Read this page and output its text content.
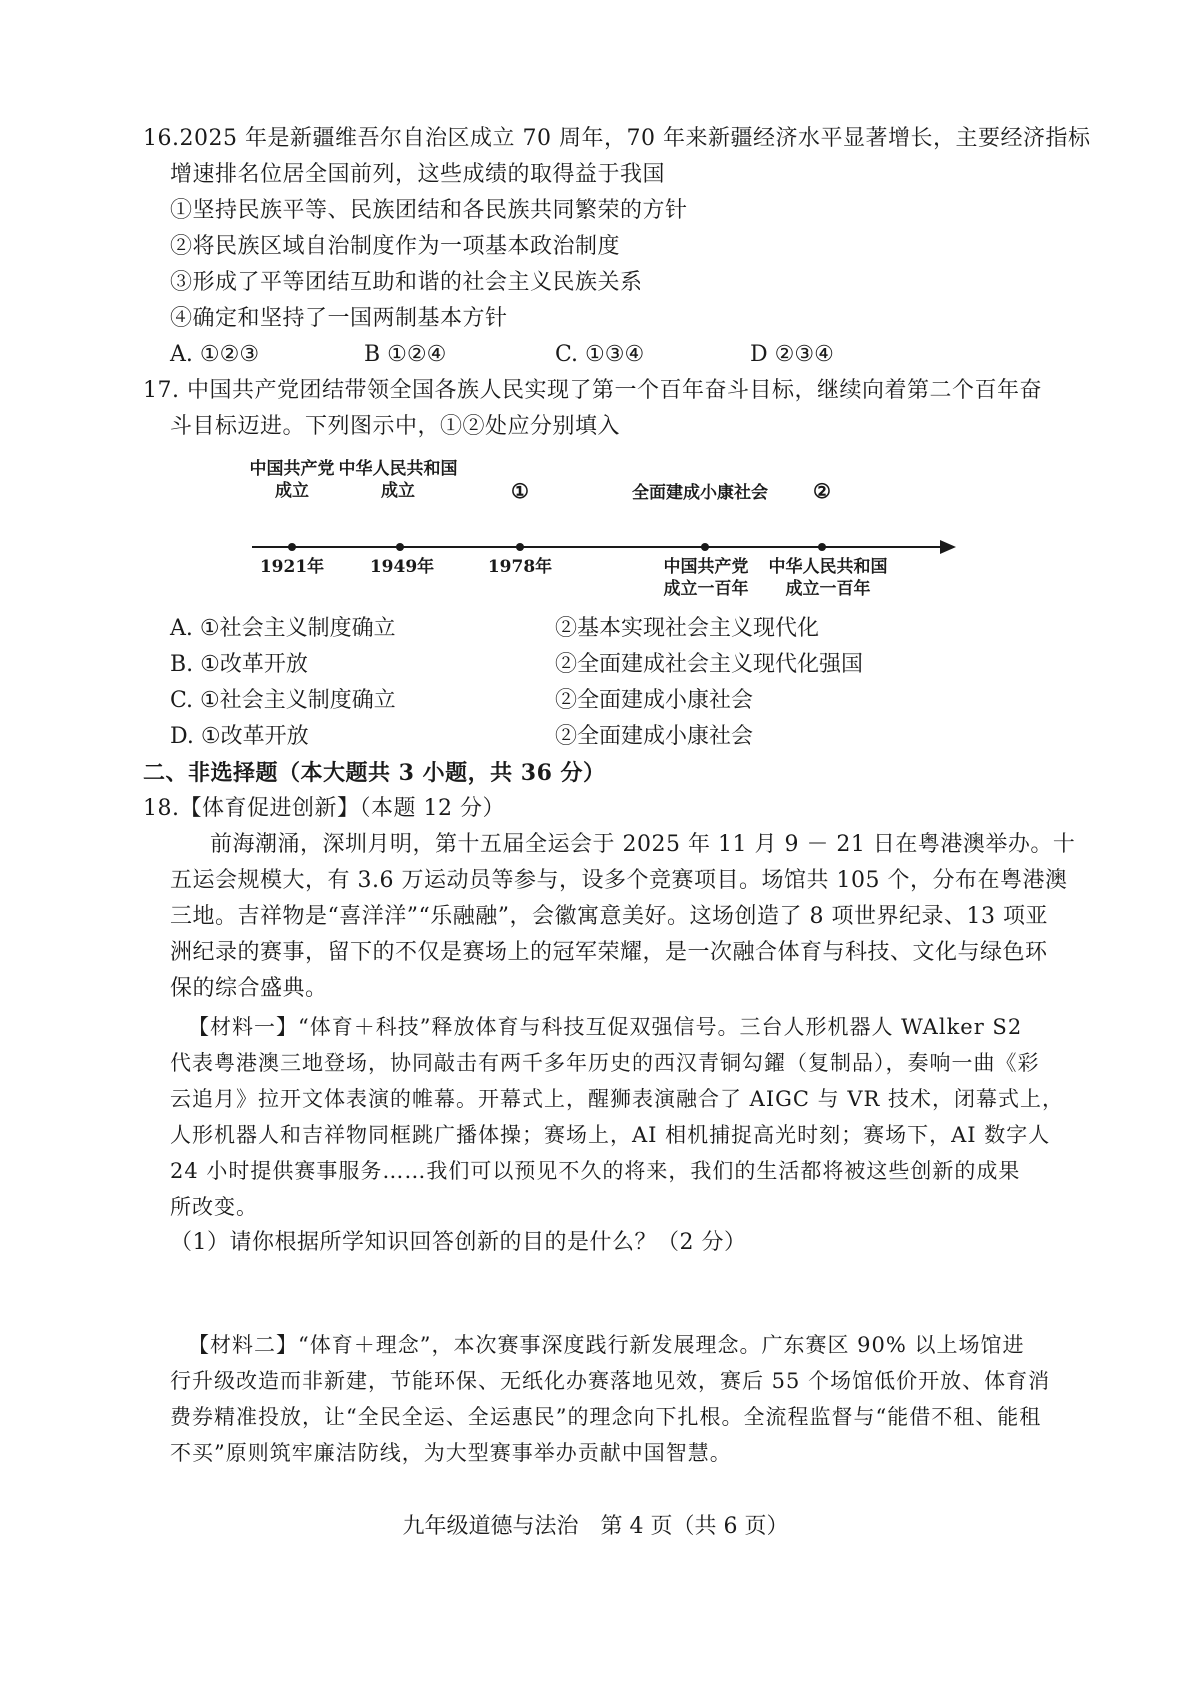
16.2025 年是新疆维吾尔自治区成立 70 周年，70 年来新疆经济水平显著增长，主要经济指标
增速排名位居全国前列，这些成绩的取得益于我国
①坚持民族平等、民族团结和各民族共同繁荣的方针
②将民族区域自治制度作为一项基本政治制度
③形成了平等团结互助和谐的社会主义民族关系
④确定和坚持了一国两制基本方针
A. ①②③	B ①②④	C. ①③④	D ②③④
17. 中国共产党团结带领全国各族人民实现了第一个百年奋斗目标，继续向着第二个百年奋
斗目标迈进。下列图示中，①②处应分别填入
中国共产党
成立
中华人民共和国
成立	①	全面建成小康社会 ②
1921年	1949年	1978年	中国共产党
成立一百年
中华人民共和国
成立一百年
A. ①社会主义制度确立	②基本实现社会主义现代化
B. ①改革开放	②全面建成社会主义现代化强国
C. ①社会主义制度确立	②全面建成小康社会
D. ①改革开放	②全面建成小康社会
二、非选择题（本大题共 3 小题，共 36 分）
18.【体育促进创新】（本题 12 分）
前海潮涌，深圳月明，第十五届全运会于 2025 年 11 月 9 － 21 日在粤港澳举办。十
五运会规模大，有 3.6 万运动员等参与，设多个竞赛项目。场馆共 105 个，分布在粤港澳
三地。吉祥物是“喜洋洋”“乐融融”，会徽寓意美好。这场创造了 8 项世界纪录、13 项亚
洲纪录的赛事，留下的不仅是赛场上的冠军荣耀，是一次融合体育与科技、文化与绿色环
保的综合盛典。
【材料一】“体育＋科技”释放体育与科技互促双强信号。三台人形机器人 WAlker S2
代表粤港澳三地登场，协同敲击有两千多年历史的西汉青铜勾鑃（复制品），奏响一曲《彩
云追月》拉开文体表演的帷幕。开幕式上，醒狮表演融合了 AIGC 与 VR 技术，闭幕式上，
人形机器人和吉祥物同框跳广播体操；赛场上，AI 相机捕捉高光时刻；赛场下，AI 数字人
24 小时提供赛事服务……我们可以预见不久的将来，我们的生活都将被这些创新的成果
所改变。
（1）请你根据所学知识回答创新的目的是什么？（2 分）
【材料二】“体育＋理念”，本次赛事深度践行新发展理念。广东赛区 90% 以上场馆进
行升级改造而非新建，节能环保、无纸化办赛落地见效，赛后 55 个场馆低价开放、体育消
费券精准投放，让“全民全运、全运惠民”的理念向下扎根。全流程监督与“能借不租、能租
不买”原则筑牢廉洁防线，为大型赛事举办贡献中国智慧。
九年级道德与法治　第 4 页（共 6 页）
